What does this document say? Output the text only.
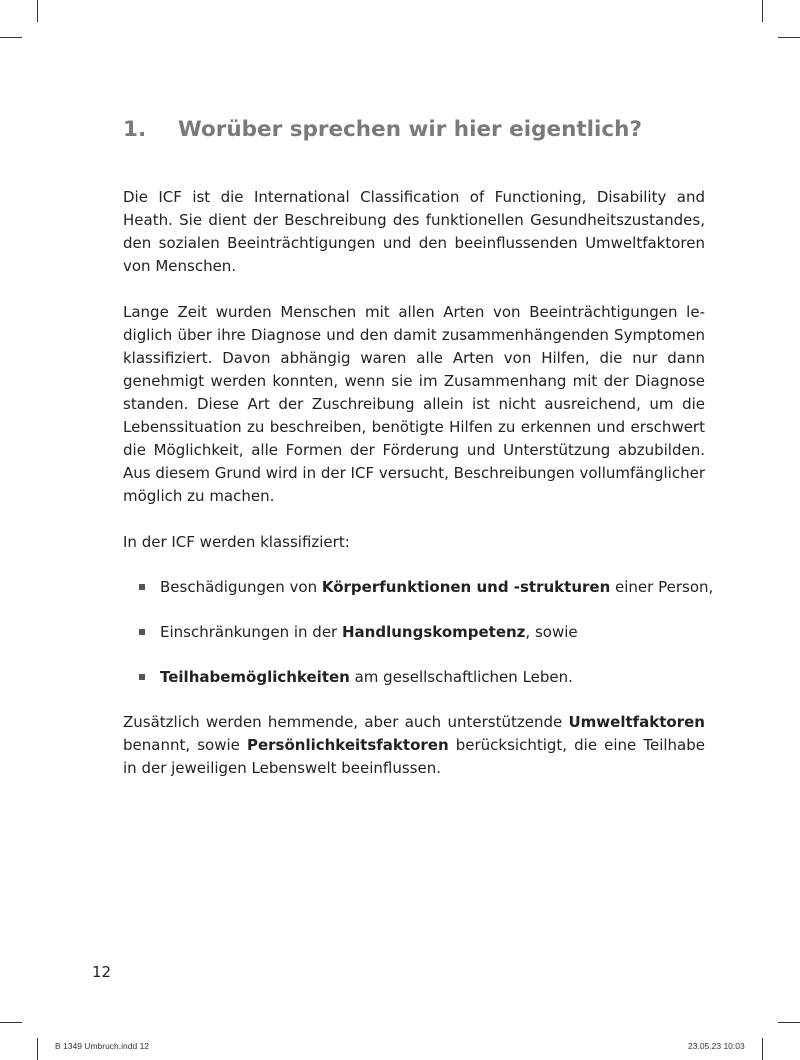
1. Worüber sprechen wir hier eigentlich?

Die ICF ist die International Classification of Functioning, Disability and Heath. Sie dient der Beschreibung des funktionellen Gesundheitszustandes, den sozialen Beeinträchtigungen und den beeinflussenden Umweltfaktoren von Menschen.

Lange Zeit wurden Menschen mit allen Arten von Beeinträchtigungen lediglich über ihre Diagnose und den damit zusammenhängenden Symptomen klassifiziert. Davon abhängig waren alle Arten von Hilfen, die nur dann genehmigt werden konnten, wenn sie im Zusammenhang mit der Diagnose standen. Diese Art der Zuschreibung allein ist nicht ausreichend, um die Lebenssituation zu beschreiben, benötigte Hilfen zu erkennen und erschwert die Möglichkeit, alle Formen der Förderung und Unterstützung abzubilden. Aus diesem Grund wird in der ICF versucht, Beschreibungen vollumfänglicher möglich zu machen.

In der ICF werden klassifiziert:

Beschädigungen von Körperfunktionen und -strukturen einer Person,
Einschränkungen in der Handlungskompetenz, sowie
Teilhabemöglichkeiten am gesellschaftlichen Leben.

Zusätzlich werden hemmende, aber auch unterstützende Umweltfaktoren benannt, sowie Persönlichkeitsfaktoren berücksichtigt, die eine Teilhabe in der jeweiligen Lebenswelt beeinflussen.

12
B 1349 Umbruch.indd 12	23.05.23 10:03
